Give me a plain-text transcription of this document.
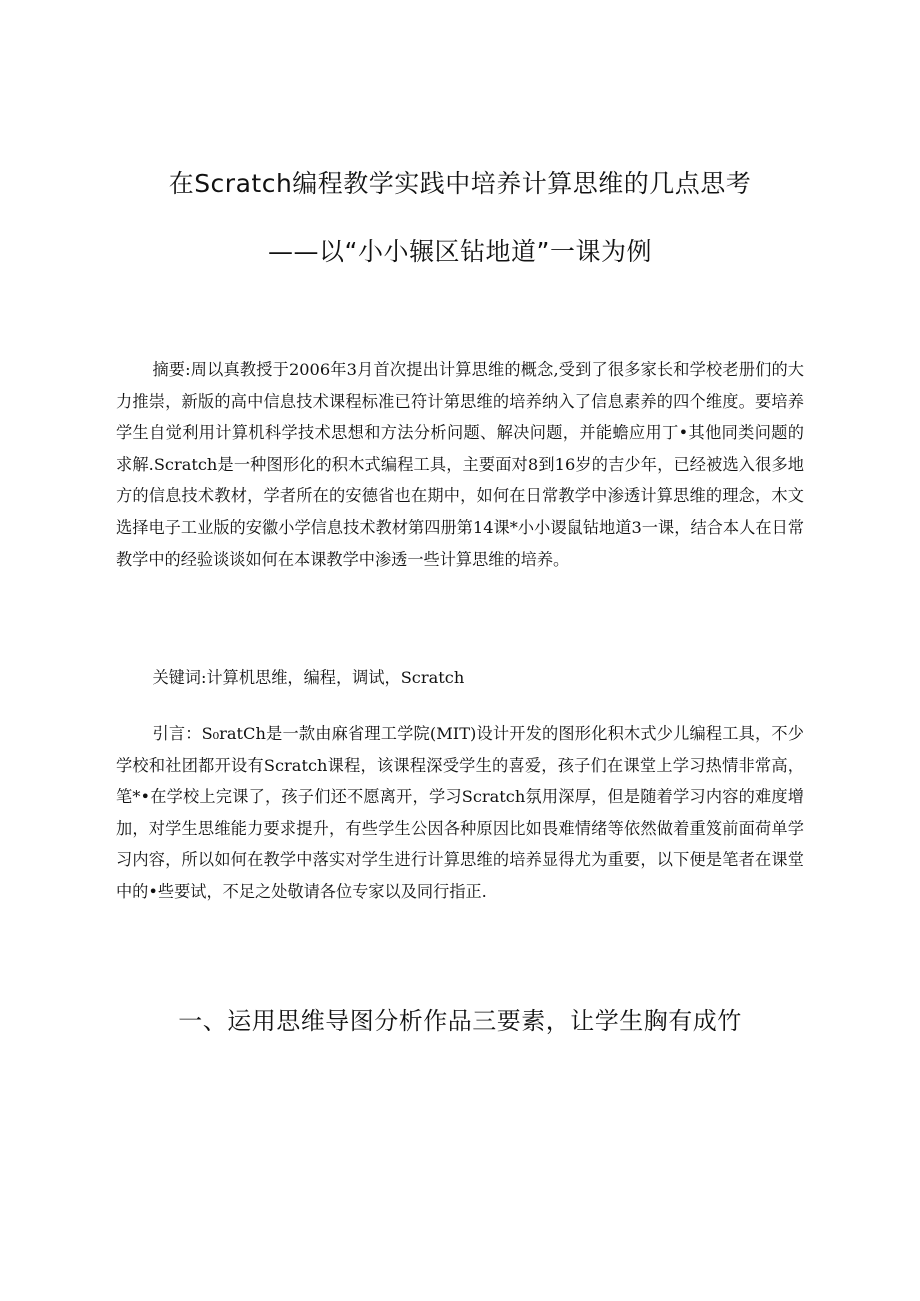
在Scratch编程教学实践中培养计算思维的几点思考
——以“小小辗区钻地道”一课为例

摘要:周以真教授于2006年3月首次提出计算思维的概念,受到了很多家长和学校老册们的大力推崇，新版的高中信息技术课程标准已符计第思维的培养纳入了信息素养的四个维度。要培养学生自觉利用计算机科学技术思想和方法分析问题、解决问题，并能蟾应用丁•其他同类问题的求解.Scratch是一种图形化的积木式编程工具，主要面对8到16岁的吉少年，已经被选入很多地方的信息技术教材，学者所在的安德省也在期中，如何在日常教学中渗透计算思维的理念，木文选择电子工业版的安徽小学信息技术教材第四册第14课*小小谡鼠钻地道3一课，结合本人在日常教学中的经验谈谈如何在本课教学中渗透一些计算思维的培养。

关键词:计算机思维，编程，调试，Scratch

引言：S₀ratCh是一款由麻省理工学院(MIT)设计开发的图形化积木式少儿编程工具，不少学校和社团都开设有Scratch课程，该课程深受学生的喜爱，孩子们在课堂上学习热情非常高，笔*•在学校上完课了，孩子们还不愿离开，学习Scratch氛用深厚，但是随着学习内容的难度增加，对学生思维能力要求提升，有些学生公因各种原因比如畏难情绪等依然做着重笈前面荷单学习内容，所以如何在教学中落实对学生进行计算思维的培养显得尤为重要，以下便是笔者在课堂中的•些要试，不足之处敬请各位专家以及同行指正.

一、运用思维导图分析作品三要素，让学生胸有成竹
